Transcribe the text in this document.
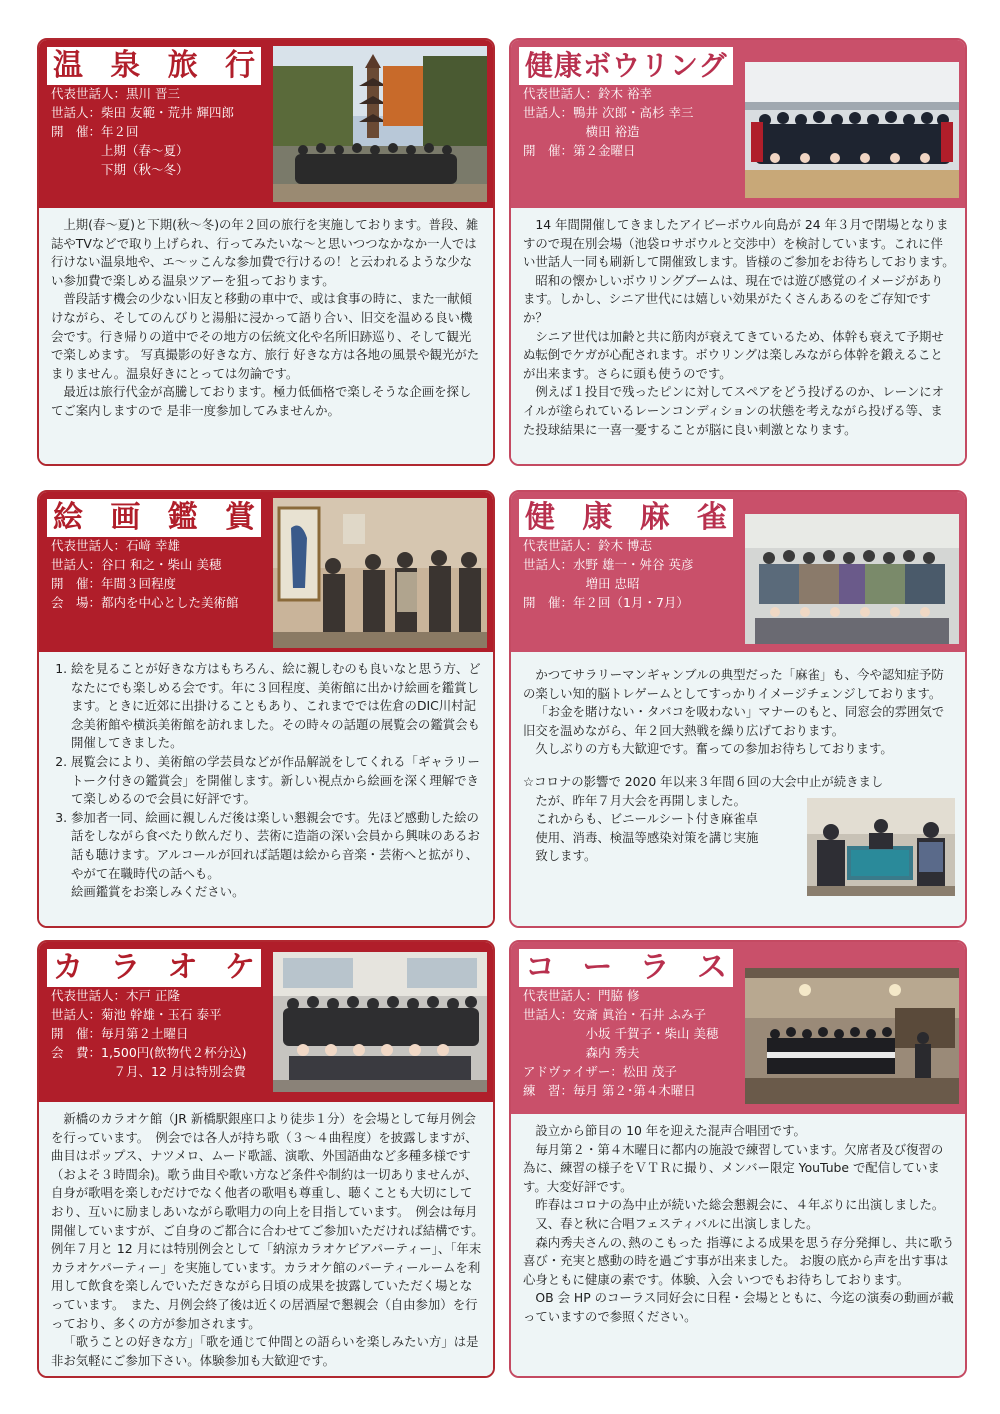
温 泉 旅 行
代表世話人： 黒川 晋三
世話人： 柴田 友範・荒井 輝四郎
開　催： 年２回
　　　　上期（春～夏）
　　　　下期（秋～冬）

上期(春～夏)と下期(秋～冬)の年２回の旅行を実施しております。普段、雑誌やTVなどで取り上げられ、行ってみたいな～と思いつつなかなか一人では行けない温泉地や、エ～ッこんな参加費で行けるの！と云われるような少ない参加費で楽しめる温泉ツアーを狙っております。

普段話す機会の少ない旧友と移動の車中で、或は食事の時に、また一献傾けながら、そしてのんびりと湯船に浸かって語り合い、旧交を温める良い機会です。行き帰りの道中でその地方の伝統文化や名所旧跡巡り、そして観光で楽しめます。 写真撮影の好きな方、旅行 好きな方は各地の風景や観光がたまりません。温泉好きにとっては勿論です。

最近は旅行代金が高騰しております。極力低価格で楽しそうな企画を探してご案内しますので 是非一度参加してみませんか。

健康ボウリング
代表世話人： 鈴木 裕幸
世話人： 鴨井 次郎・高杉 幸三
　　　　　横田 裕造
開　催： 第２金曜日

14 年間開催してきましたアイビーボウル向島が 24 年３月で閉場となりますので現在別会場（池袋ロサボウルと交渉中）を検討しています。これに伴い世話人一同も刷新して開催致します。皆様のご参加をお待ちしております。

昭和の懐かしいボウリングブームは、現在では遊び感覚のイメージがあります。しかし、シニア世代には嬉しい効果がたくさんあるのをご存知ですか？

シニア世代は加齢と共に筋肉が衰えてきているため、体幹も衰えて予期せぬ転倒でケガが心配されます。ボウリングは楽しみながら体幹を鍛えることが出来ます。さらに頭も使うのです。

例えば１投目で残ったピンに対してスペアをどう投げるのか、レーンにオイルが塗られているレーンコンディションの状態を考えながら投げる等、また投球結果に一喜一憂することが脳に良い刺激となります。

絵 画 鑑 賞
代表世話人： 石﨑 幸雄
世話人： 谷口 和之・柴山 美穂
開　催： 年間３回程度
会　場： 都内を中心とした美術館
1. 絵を見ることが好きな方はもちろん、絵に親しむのも良いなと思う方、どなたにでも楽しめる会です。年に３回程度、美術館に出かけ絵画を鑑賞します。ときに近郊に出掛けることもあり、これまででは佐倉のDIC川村記念美術館や横浜美術館を訪れました。その時々の話題の展覧会の鑑賞会も開催してきました。
2. 展覧会により、美術館の学芸員などが作品解説をしてくれる「ギャラリートーク付きの鑑賞会」を開催します。新しい視点から絵画を深く理解できて楽しめるので会員に好評です。
3. 参加者一同、絵画に親しんだ後は楽しい懇親会です。先ほど感動した絵の話をしながら食べたり飲んだり、芸術に造詣の深い会員から興味のあるお話も聴けます。アルコールが回れば話題は絵から音楽・芸術へと拡がり、やがて在職時代の話へも。
絵画鑑賞をお楽しみください。
健 康 麻 雀
代表世話人： 鈴木 博志
世話人： 水野 雄一・舛谷 英彦
　　　　　増田 忠昭
開　催： 年２回（1月・7月）

かつてサラリーマンギャンブルの典型だった「麻雀」も、今や認知症予防の楽しい知的脳トレゲームとしてすっかりイメージチェンジしております。

「お金を賭けない・タバコを吸わない」マナーのもと、同窓会的雰囲気で旧交を温めながら、年２回大熱戦を繰り広げております。

久しぶりの方も大歓迎です。奮っての参加お待ちしております。

☆コロナの影響で 2020 年以来３年間６回の大会中止が続きまし
　たが、昨年７月大会を再開しました。
　これからも、ビニールシート付き麻雀卓
　使用、消毒、検温等感染対策を講じ実施
　致します。
カ ラ オ ケ
代表世話人： 木戸 正隆
世話人： 菊池 幹雄・玉石 泰平
開　催： 毎月第２土曜日
会　費： 1,500円(飲物代２杯分込)
　　　　　７月、12 月は特別会費

新橋のカラオケ館（JR 新橋駅銀座口より徒歩１分）を会場として毎月例会を行っています。　例会では各人が持ち歌（３～４曲程度）を披露しますが、曲目はポップス、ナツメロ、ムード歌謡、演歌、外国語曲など多種多様です（およそ３時間余)。歌う曲目や歌い方など条件や制約は一切ありませんが、自身が歌唱を楽しむだけでなく他者の歌唱も尊重し、聴くことも大切にしており、互いに励ましあいながら歌唱力の向上を目指しています。　例会は毎月開催していますが、ご自身のご都合に合わせてご参加いただければ結構です。　例年７月と 12 月には特別例会として「納涼カラオケビアパーティー」、｢年末カラオケパーティー」を実施しています。カラオケ館のパーティールームを利用して飲食を楽しんでいただきながら日頃の成果を披露していただく場となっています。　また、月例会終了後は近くの居酒屋で懇親会（自由参加）を行っており、多くの方が参加されます。

「歌うことの好きな方」「歌を通じて仲間との語らいを楽しみたい方」は是非お気軽にご参加下さい。体験参加も大歓迎です。

コ ー ラ ス
代表世話人： 門脇 修
世話人： 安斎 眞治・石井 ふみ子
　　　　　小坂 千賀子・柴山 美穂
　　　　　森内 秀夫
アドヴァイザー： 松田 茂子
練　習： 毎月 第２･第４木曜日

設立から節目の 10 年を迎えた混声合唱団です。

毎月第２・第４木曜日に都内の施設で練習しています。欠席者及び復習の為に、練習の様子をＶＴＲに撮り、メンバー限定 YouTube で配信しています。大変好評です。

昨春はコロナの為中止が続いた総会懇親会に、４年ぶりに出演しました。

又、春と秋に合唱フェスティバルに出演しました。

森内秀夫さんの､熱のこもった 指導による成果を思う存分発揮し、共に歌う喜び・充実と感動の時を過ごす事が出来ました。 お腹の底から声を出す事は心身ともに健康の素です。体験、入会 いつでもお待ちしております。

OB 会 HP のコーラス同好会に日程・会場とともに、今迄の演奏の動画が載っていますので参照ください。
